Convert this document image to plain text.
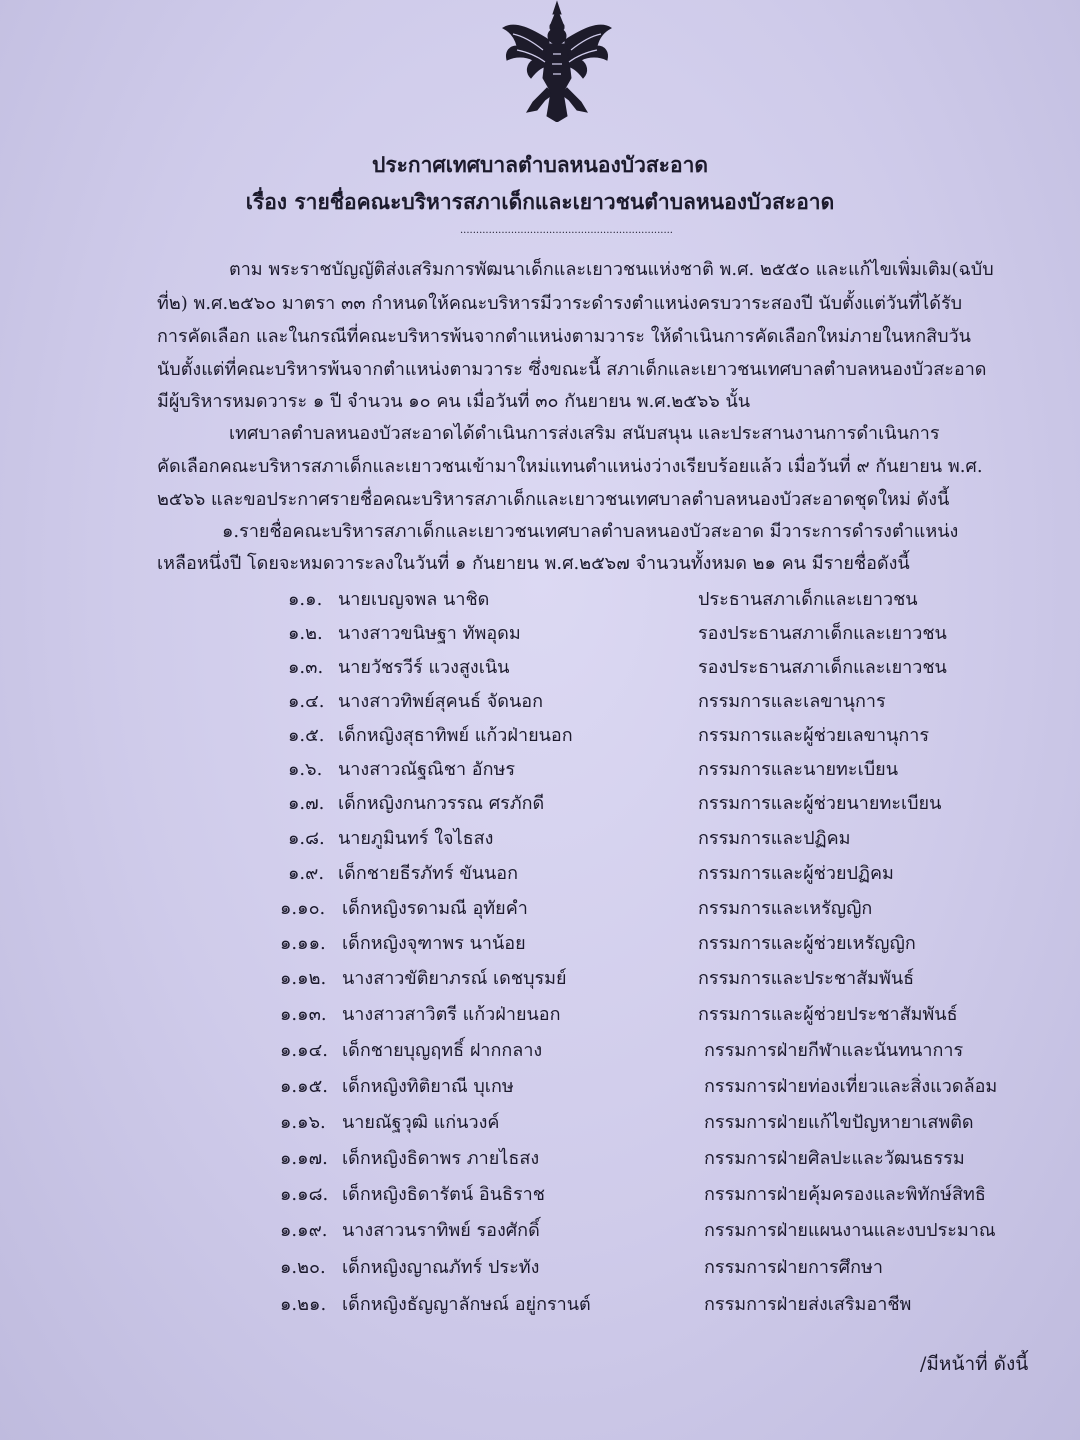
ประกาศเทศบาลตำบลหนองบัวสะอาด
เรื่อง รายชื่อคณะบริหารสภาเด็กและเยาวชนตำบลหนองบัวสะอาด
...................................................................
ตาม พระราชบัญญัติส่งเสริมการพัฒนาเด็กและเยาวชนแห่งชาติ พ.ศ. ๒๕๕๐ และแก้ไขเพิ่มเติม(ฉบับ
ที่๒) พ.ศ.๒๕๖๐ มาตรา ๓๓ กำหนดให้คณะบริหารมีวาระดำรงตำแหน่งครบวาระสองปี นับตั้งแต่วันที่ได้รับ
การคัดเลือก และในกรณีที่คณะบริหารพ้นจากตำแหน่งตามวาระ ให้ดำเนินการคัดเลือกใหม่ภายในหกสิบวัน
นับตั้งแต่ที่คณะบริหารพ้นจากตำแหน่งตามวาระ ซึ่งขณะนี้ สภาเด็กและเยาวชนเทศบาลตำบลหนองบัวสะอาด
มีผู้บริหารหมดวาระ ๑ ปี จำนวน ๑๐ คน เมื่อวันที่ ๓๐ กันยายน พ.ศ.๒๕๖๖ นั้น
เทศบาลตำบลหนองบัวสะอาดได้ดำเนินการส่งเสริม สนับสนุน และประสานงานการดำเนินการ
คัดเลือกคณะบริหารสภาเด็กและเยาวชนเข้ามาใหม่แทนตำแหน่งว่างเรียบร้อยแล้ว เมื่อวันที่ ๙ กันยายน พ.ศ.
๒๕๖๖ และขอประกาศรายชื่อคณะบริหารสภาเด็กและเยาวชนเทศบาลตำบลหนองบัวสะอาดชุดใหม่ ดังนี้
๑.รายชื่อคณะบริหารสภาเด็กและเยาวชนเทศบาลตำบลหนองบัวสะอาด มีวาระการดำรงตำแหน่ง
เหลือหนึ่งปี โดยจะหมดวาระลงในวันที่ ๑ กันยายน พ.ศ.๒๕๖๗ จำนวนทั้งหมด ๒๑ คน มีรายชื่อดังนี้
๑.๑. นายเบญจพล นาชิด	ประธานสภาเด็กและเยาวชน
๑.๒. นางสาวขนิษฐา ทัพอุดม	รองประธานสภาเด็กและเยาวชน
๑.๓. นายวัชรวีร์ แวงสูงเนิน	รองประธานสภาเด็กและเยาวชน
๑.๔. นางสาวทิพย์สุคนธ์ จัดนอก	กรรมการและเลขานุการ
๑.๕. เด็กหญิงสุธาทิพย์ แก้วฝ่ายนอก	กรรมการและผู้ช่วยเลขานุการ
๑.๖. นางสาวณัฐณิชา อักษร	กรรมการและนายทะเบียน
๑.๗. เด็กหญิงกนกวรรณ ศรภักดี	กรรมการและผู้ช่วยนายทะเบียน
๑.๘. นายภูมินทร์ ใจไธสง	กรรมการและปฏิคม
๑.๙. เด็กชายธีรภัทร์ ขันนอก	กรรมการและผู้ช่วยปฏิคม
๑.๑๐. เด็กหญิงรดามณี อุทัยคำ	กรรมการและเหรัญญิก
๑.๑๑. เด็กหญิงจุฑาพร นาน้อย	กรรมการและผู้ช่วยเหรัญญิก
๑.๑๒. นางสาวขัติยาภรณ์ เดชบุรมย์	กรรมการและประชาสัมพันธ์
๑.๑๓. นางสาวสาวิตรี แก้วฝ่ายนอก	กรรมการและผู้ช่วยประชาสัมพันธ์
๑.๑๔. เด็กชายบุญฤทธิ์ ฝากกลาง	กรรมการฝ่ายกีฬาและนันทนาการ
๑.๑๕. เด็กหญิงทิติยาณี บุเกษ	กรรมการฝ่ายท่องเที่ยวและสิ่งแวดล้อม
๑.๑๖. นายณัฐวุฒิ แก่นวงค์	กรรมการฝ่ายแก้ไขปัญหายาเสพติด
๑.๑๗. เด็กหญิงธิดาพร ภายไธสง	กรรมการฝ่ายศิลปะและวัฒนธรรม
๑.๑๘. เด็กหญิงธิดารัตน์ อินธิราช	กรรมการฝ่ายคุ้มครองและพิทักษ์สิทธิ
๑.๑๙. นางสาวนราทิพย์ รองศักดิ์	กรรมการฝ่ายแผนงานและงบประมาณ
๑.๒๐. เด็กหญิงญาณภัทร์ ประทัง	กรรมการฝ่ายการศึกษา
๑.๒๑. เด็กหญิงธัญญาลักษณ์ อยู่กรานต์	กรรมการฝ่ายส่งเสริมอาชีพ
/มีหน้าที่ ดังนี้
